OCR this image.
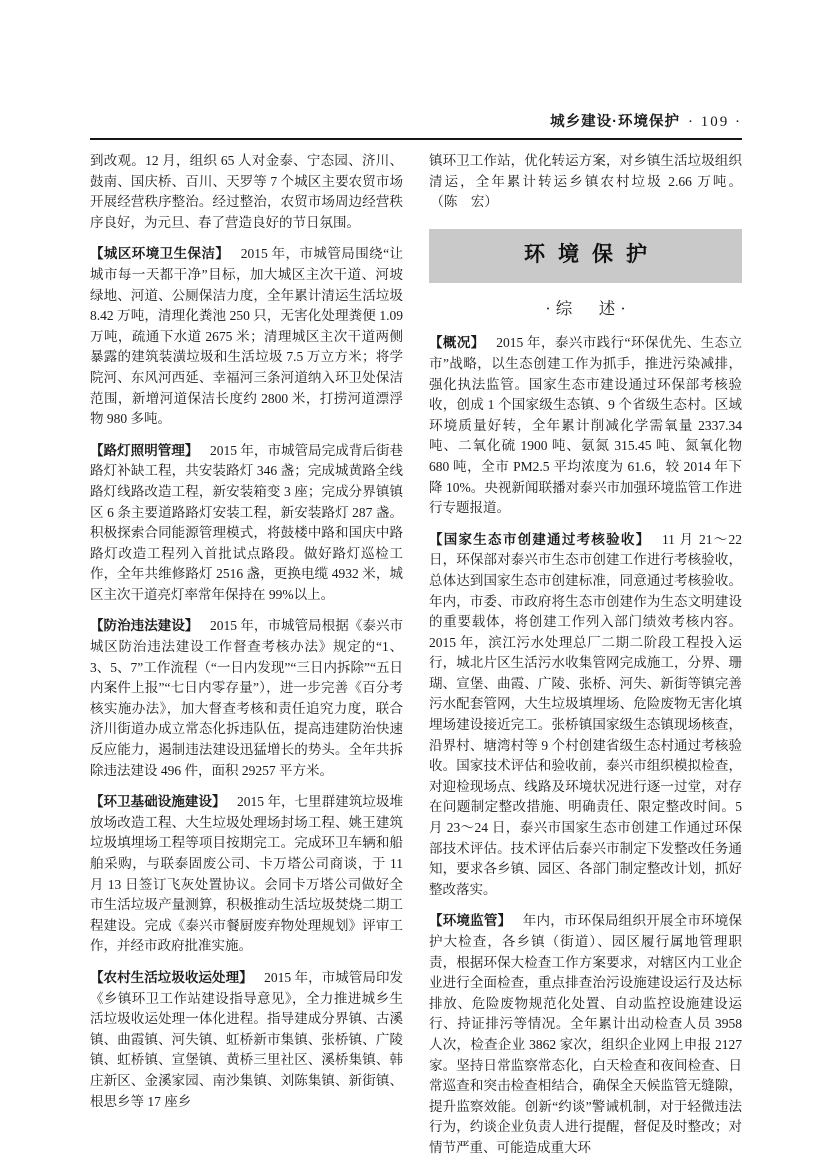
城乡建设·环境保护 · 109 ·

到改观。12 月，组织 65 人对金泰、宁态园、济川、鼓南、国庆桥、百川、天罗等 7 个城区主要农贸市场开展经营秩序整治。经过整治，农贸市场周边经营秩序良好，为元旦、春了营造良好的节日氛围。

【城区环境卫生保洁】 2015 年，市城管局围绕“让城市每一天都干净”目标，加大城区主次干道、河坡绿地、河道、公厕保洁力度，全年累计清运生活垃圾 8.42 万吨，清理化粪池 250 只，无害化处理粪便 1.09 万吨，疏通下水道 2675 米；清理城区主次干道两侧暴露的建筑装潢垃圾和生活垃圾 7.5 万立方米；将学院河、东风河西延、幸福河三条河道纳入环卫处保洁范围，新增河道保洁长度约 2800 米，打捞河道漂浮物 980 多吨。

【路灯照明管理】 2015 年，市城管局完成背后街巷路灯补缺工程，共安装路灯 346 盏；完成城黄路全线路灯线路改造工程，新安装箱变 3 座；完成分界镇镇区 6 条主要道路路灯安装工程，新安装路灯 287 盏。积极探索合同能源管理模式，将鼓楼中路和国庆中路路灯改造工程列入首批试点路段。做好路灯巡检工作，全年共维修路灯 2516 盏，更换电缆 4932 米，城区主次干道亮灯率常年保持在 99%以上。

【防治违法建设】 2015 年，市城管局根据《泰兴市城区防治违法建设工作督查考核办法》规定的“1、3、5、7”工作流程（“一日内发现”“三日内拆除”“五日内案件上报”“七日内零存量”），进一步完善《百分考核实施办法》，加大督查考核和责任追究力度，联合济川街道办成立常态化拆违队伍，提高违建防治快速反应能力，遏制违法建设迅猛增长的势头。全年共拆除违法建设 496 件，面积 29257 平方米。

【环卫基础设施建设】 2015 年，七里群建筑垃圾堆放场改造工程、大生垃圾处理场封场工程、姚王建筑垃圾填埋场工程等项目按期完工。完成环卫车辆和船舶采购，与联泰固废公司、卡万塔公司商谈，于 11 月 13 日签订飞灰处置协议。会同卡万塔公司做好全市生活垃圾产量测算，积极推动生活垃圾焚烧二期工程建设。完成《泰兴市餐厨废弃物处理规划》评审工作，并经市政府批准实施。

【农村生活垃圾收运处理】 2015 年，市城管局印发《乡镇环卫工作站建设指导意见》，全力推进城乡生活垃圾收运处理一体化进程。指导建成分界镇、古溪镇、曲霞镇、河失镇、虹桥新市集镇、张桥镇、广陵镇、虹桥镇、宣堡镇、黄桥三里社区、溪桥集镇、韩庄新区、金溪家园、南沙集镇、刘陈集镇、新街镇、根思乡等 17 座乡

镇环卫工作站，优化转运方案，对乡镇生活垃圾组织清运，全年累计转运乡镇农村垃圾 2.66 万吨。（陈　宏）

环境保护
·综　述·

【概况】 2015 年，泰兴市践行“环保优先、生态立市”战略，以生态创建工作为抓手，推进污染减排，强化执法监管。国家生态市建设通过环保部考核验收，创成 1 个国家级生态镇、9 个省级生态村。区域环境质量好转，全年累计削减化学需氧量 2337.34 吨、二氧化硫 1900 吨、氨氮 315.45 吨、氮氧化物 680 吨，全市 PM2.5 平均浓度为 61.6，较 2014 年下降 10%。央视新闻联播对泰兴市加强环境监管工作进行专题报道。

【国家生态市创建通过考核验收】 11 月 21～22 日，环保部对泰兴市生态市创建工作进行考核验收，总体达到国家生态市创建标准，同意通过考核验收。年内，市委、市政府将生态市创建作为生态文明建设的重要载体，将创建工作列入部门绩效考核内容。2015 年，滨江污水处理总厂二期二阶段工程投入运行，城北片区生活污水收集管网完成施工，分界、珊瑚、宣堡、曲霞、广陵、张桥、河失、新街等镇完善污水配套管网，大生垃圾填埋场、危险废物无害化填埋场建设接近完工。张桥镇国家级生态镇现场核查，沿界村、塘湾村等 9 个村创建省级生态村通过考核验收。国家技术评估和验收前，泰兴市组织模拟检查，对迎检现场点、线路及环境状况进行逐一过堂，对存在问题制定整改措施、明确责任、限定整改时间。5 月 23～24 日，泰兴市国家生态市创建工作通过环保部技术评估。技术评估后泰兴市制定下发整改任务通知，要求各乡镇、园区、各部门制定整改计划，抓好整改落实。

【环境监管】 年内，市环保局组织开展全市环境保护大检查，各乡镇（街道）、园区履行属地管理职责，根据环保大检查工作方案要求，对辖区内工业企业进行全面检查，重点排查治污设施建设运行及达标排放、危险废物规范化处置、自动监控设施建设运行、持证排污等情况。全年累计出动检查人员 3958 人次，检查企业 3862 家次，组织企业网上申报 2127 家。坚持日常监察常态化，白天检查和夜间检查、日常巡查和突击检查相结合，确保全天候监管无缝隙，提升监察效能。创新“约谈”警诫机制，对于轻微违法行为，约谈企业负责人进行提醒，督促及时整改；对情节严重、可能造成重大环
